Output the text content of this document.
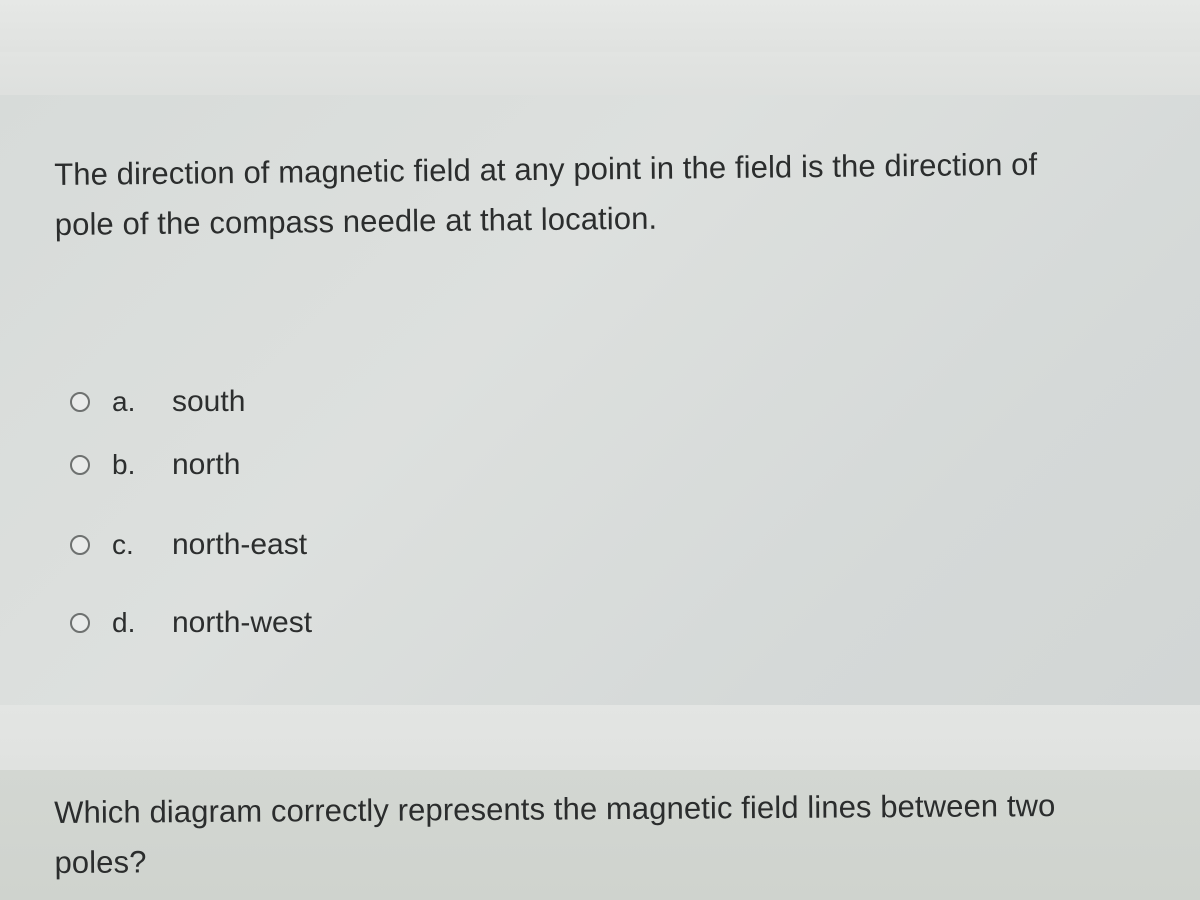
The direction of magnetic field at any point in the field is the direction of
pole of the compass needle at that location.
a.	south
b.	north
c.	north-east
d.	north-west
Which diagram correctly represents the magnetic field lines between two
poles?
